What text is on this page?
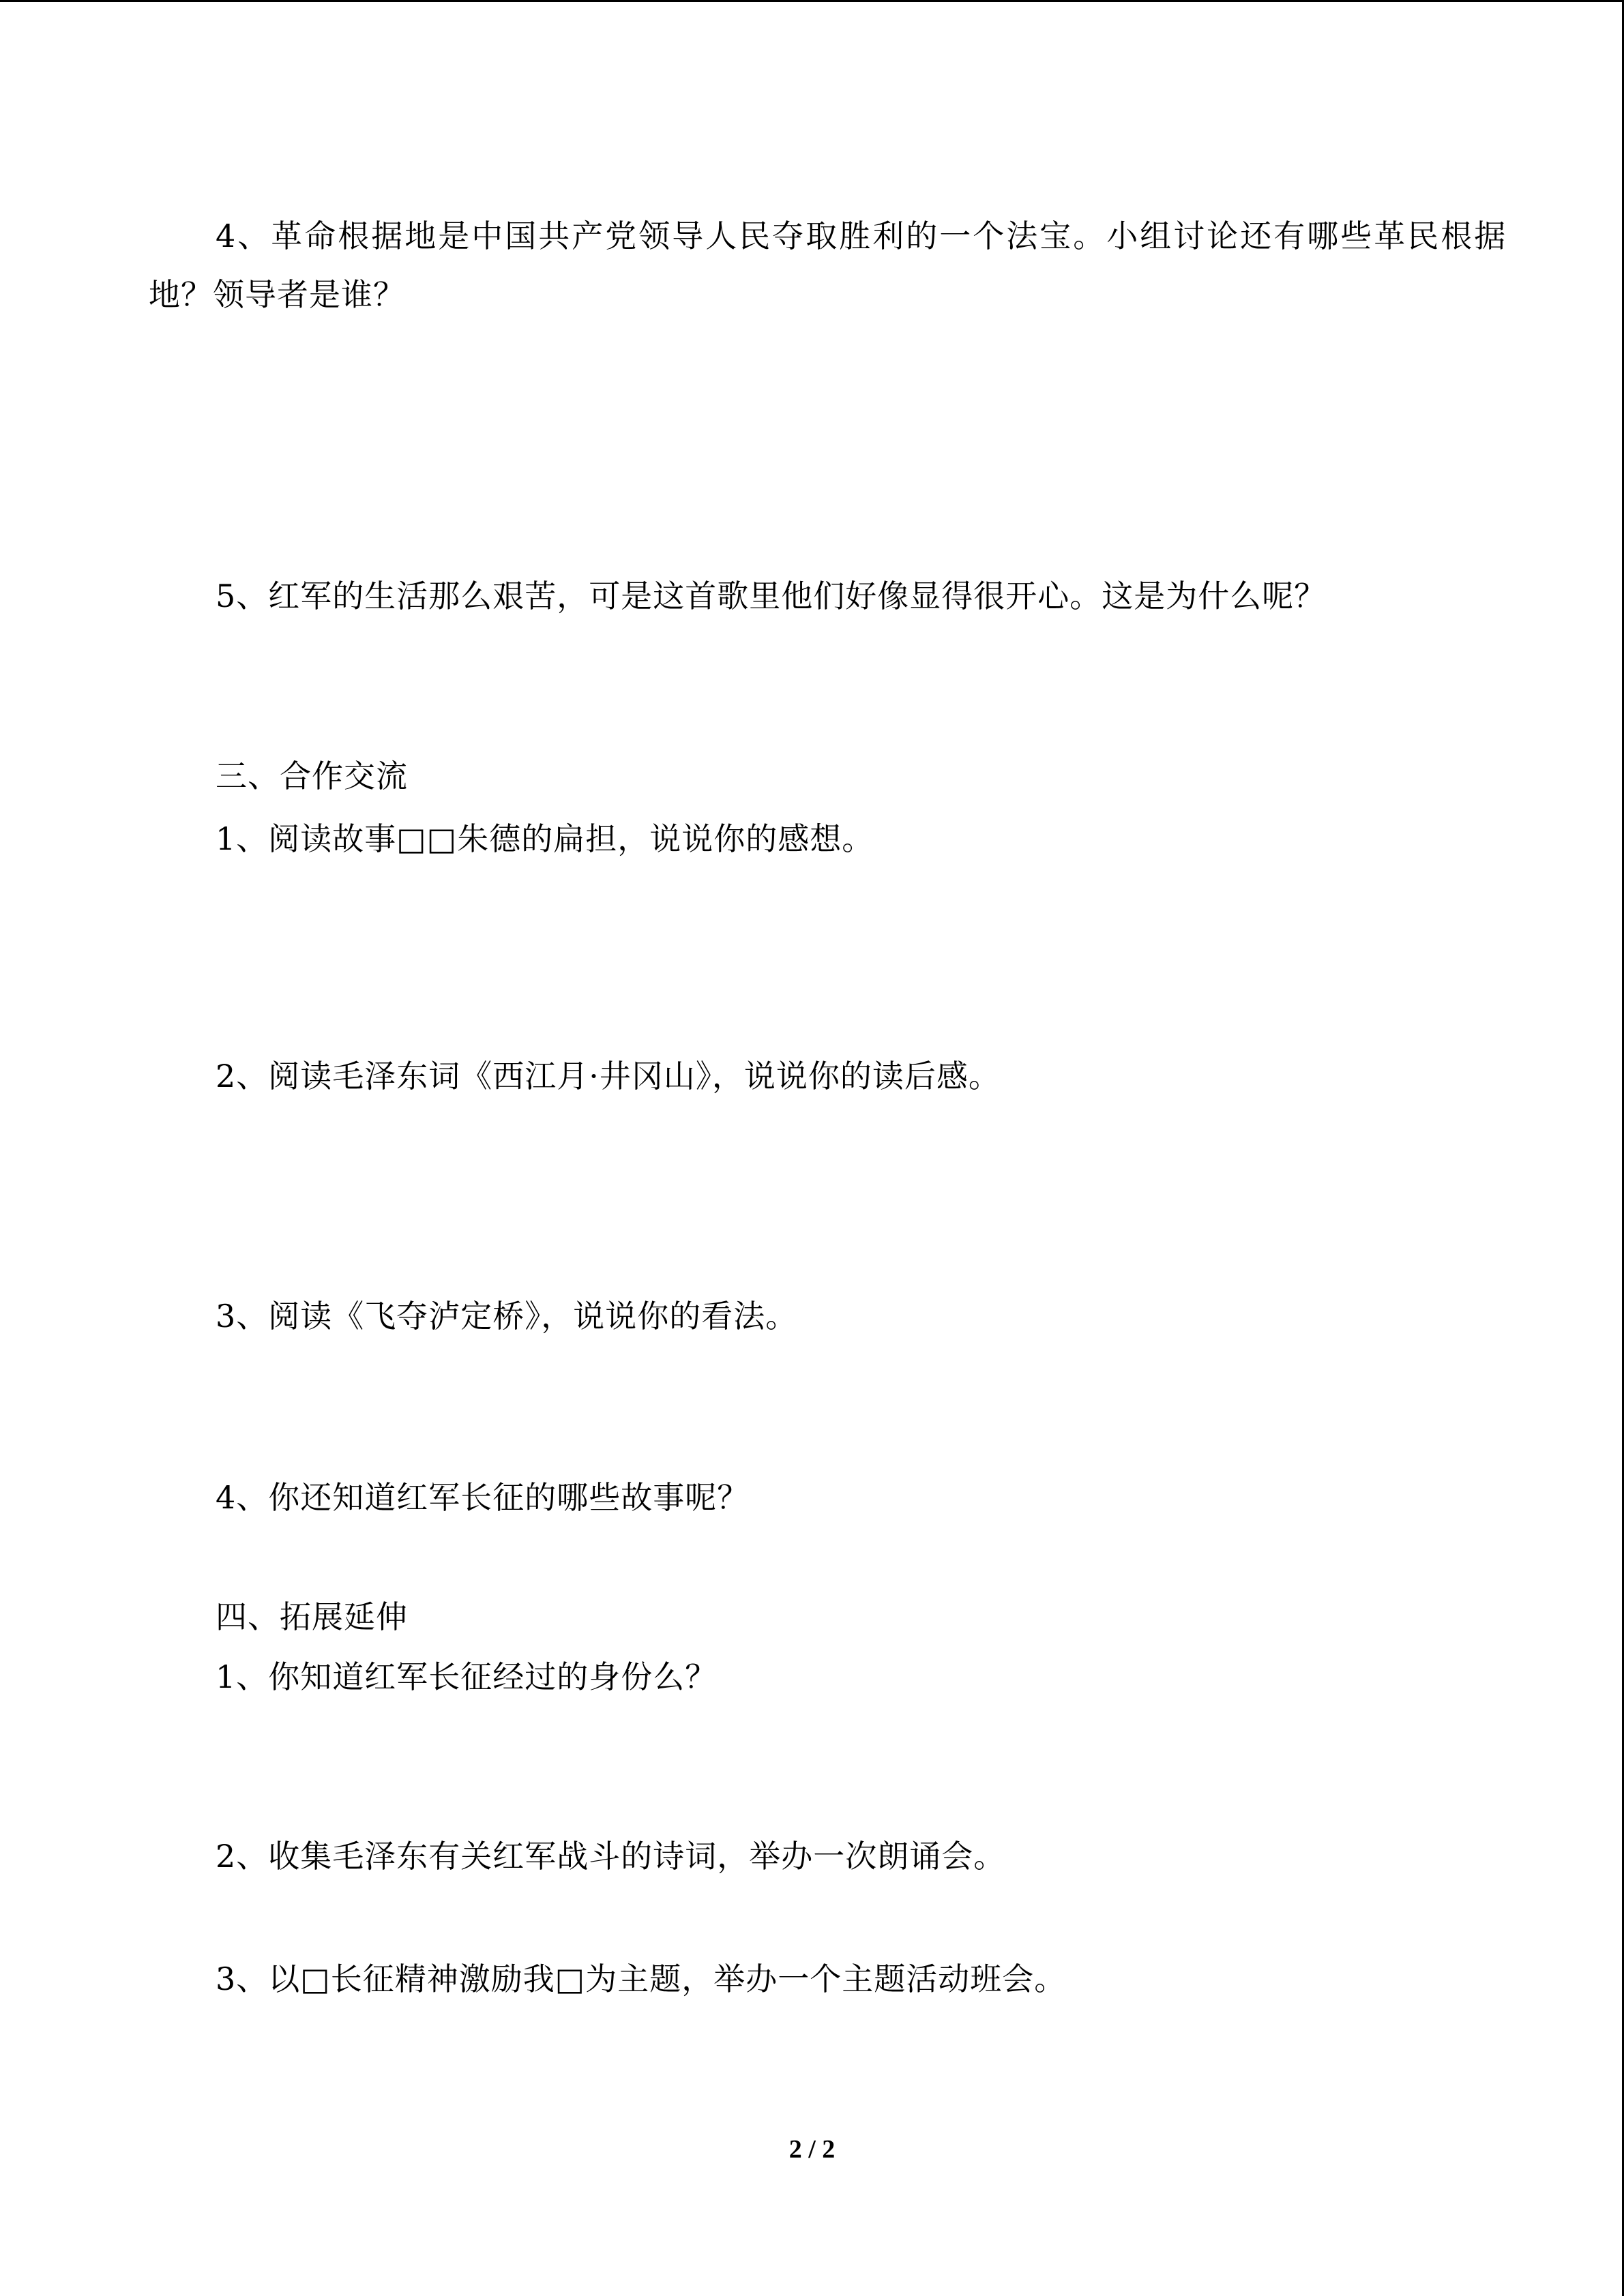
4、革命根据地是中国共产党领导人民夺取胜利的一个法宝。小组讨论还有哪些革民根据
地？领导者是谁？
5、红军的生活那么艰苦，可是这首歌里他们好像显得很开心。这是为什么呢？
三、合作交流
1、阅读故事□□朱德的扁担，说说你的感想。
2、阅读毛泽东词《西江月·井冈山》，说说你的读后感。
3、阅读《飞夺泸定桥》，说说你的看法。
4、你还知道红军长征的哪些故事呢？
四、拓展延伸
1、你知道红军长征经过的身份么？
2、收集毛泽东有关红军战斗的诗词，举办一次朗诵会。
3、以□长征精神激励我□为主题，举办一个主题活动班会。
2 / 2
